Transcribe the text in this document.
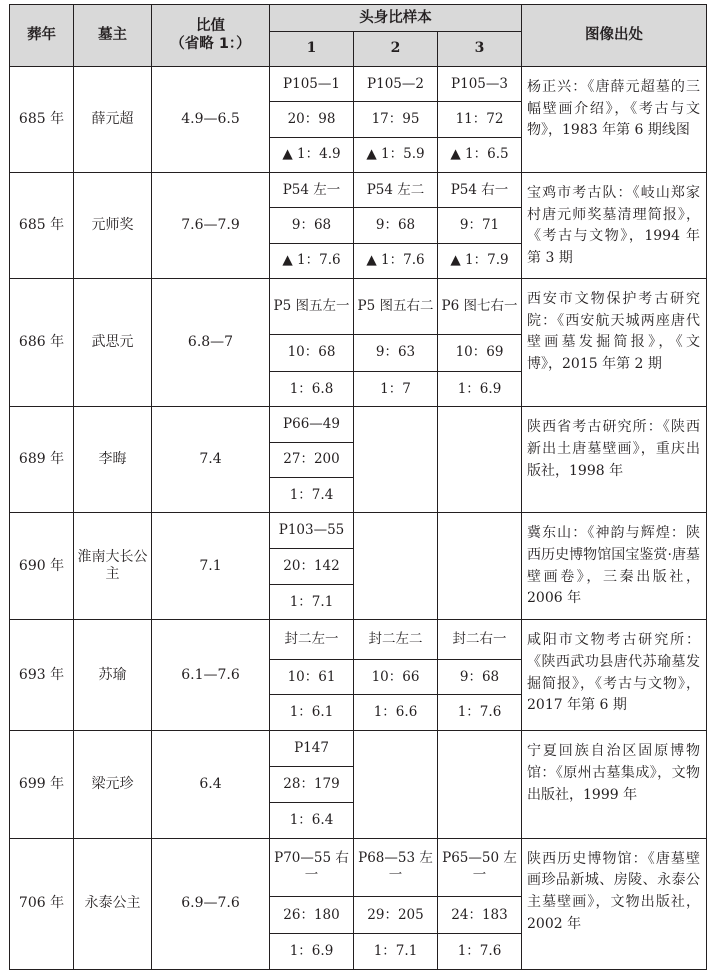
葬年	墓主	比值
（省略 1：）	头身比样本			图像出处
			1	2	3	
685 年	薛元超	4.9—6.5	P105—1	P105—2	P105—3	杨正兴：《唐薛元超墓的三幅壁画介绍》，《考古与文物》，1983 年第 6 期线图
			20：98	17：95	11：72	
			▲ 1：4.9	▲ 1：5.9	▲ 1：6.5	
685 年	元师奖	7.6—7.9	P54 左一	P54 左二	P54 右一	宝鸡市考古队：《岐山郑家村唐元师奖墓清理简报》，《考古与文物》，1994 年第 3 期
			9：68	9：68	9：71	
			▲ 1：7.6	▲ 1：7.6	▲ 1：7.9	
686 年	武思元	6.8—7	P5 图五左一	P5 图五右二	P6 图七右一	西安市文物保护考古研究院：《西安航天城两座唐代壁画墓发掘简报》，《文博》，2015 年第 2 期
			10：68	9：63	10：69	
			1：6.8	1：7	1：6.9	
689 年	李晦	7.4	P66—49			陕西省考古研究所：《陕西新出土唐墓壁画》，重庆出版社，1998 年
			27：200			
			1：7.4			
690 年	淮南大长公主	7.1	P103—55			冀东山：《神韵与辉煌：陕西历史博物馆国宝鉴赏·唐墓壁画卷》，三秦出版社，2006 年
			20：142			
			1：7.1			
693 年	苏瑜	6.1—7.6	封二左一	封二左二	封二右一	咸阳市文物考古研究所：《陕西武功县唐代苏瑜墓发掘简报》，《考古与文物》，2017 年第 6 期
			10：61	10：66	9：68	
			1：6.1	1：6.6	1：7.6	
699 年	梁元珍	6.4	P147			宁夏回族自治区固原博物馆：《原州古墓集成》，文物出版社，1999 年
			28：179			
			1：6.4			
706 年	永泰公主	6.9—7.6	P70—55 右一	P68—53 左一	P65—50 左一	陕西历史博物馆：《唐墓壁画珍品新城、房陵、永泰公主墓壁画》，文物出版社，2002 年
			26：180	29：205	24：183	
			1：6.9	1：7.1	1：7.6	
